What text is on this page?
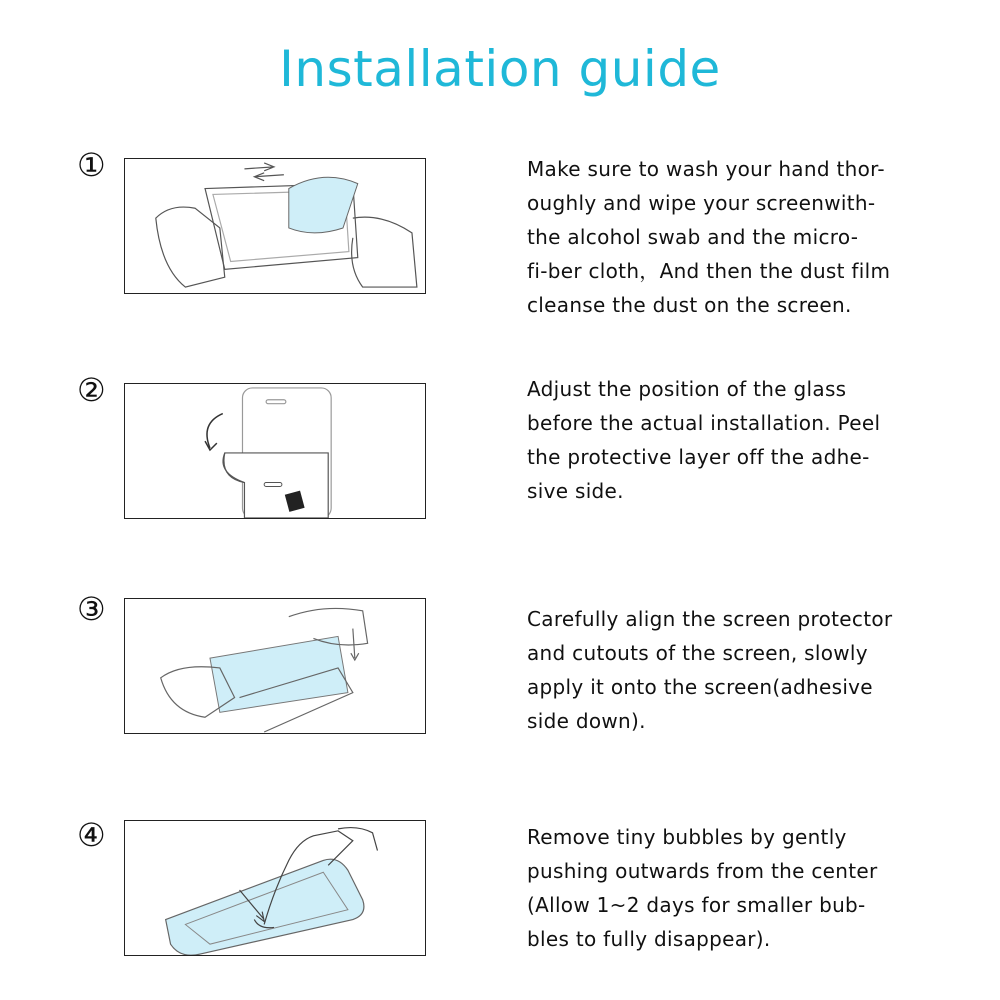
Installation guide
①	Make sure to wash your hand thor-
oughly and wipe your screenwith-
the alcohol swab and the micro-
fi-ber cloth，And then the dust film
cleanse the dust on the screen.
②	Adjust the position of the glass
before the actual installation. Peel
the protective layer off the adhe-
sive side.
③	Carefully align the screen protector
and cutouts of the screen, slowly
apply it onto the screen(adhesive
side down).
④	Remove tiny bubbles by gently
pushing outwards from the center
(Allow 1~2 days for smaller bub-
bles to fully disappear).
